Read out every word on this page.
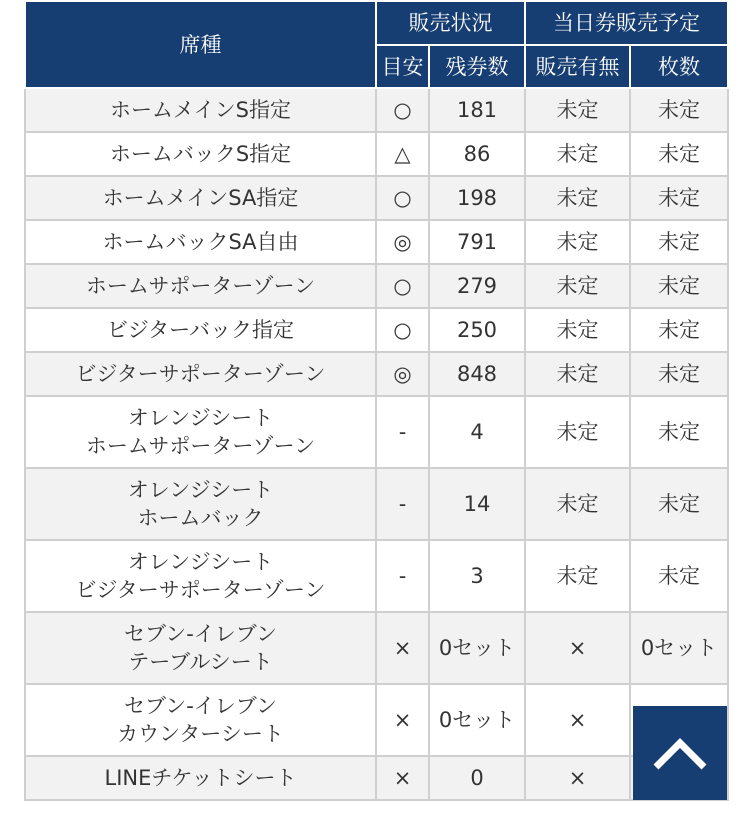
席種	販売状況		当日券販売予定	
	目安	残券数	販売有無	枚数
ホームメインS指定	○	181	未定	未定
ホームバックS指定	△	86	未定	未定
ホームメインSA指定	○	198	未定	未定
ホームバックSA自由	◎	791	未定	未定
ホームサポーターゾーン	○	279	未定	未定
ビジターバック指定	○	250	未定	未定
ビジターサポーターゾーン	◎	848	未定	未定
オレンジシート
ホームサポーターゾーン	-	4	未定	未定
オレンジシート
ホームバック	-	14	未定	未定
オレンジシート
ビジターサポーターゾーン	-	3	未定	未定
セブン-イレブン
テーブルシート	×	0セット	×	0セット
セブン-イレブン
カウンターシート	×	0セット	×	
LINEチケットシート	×	0	×	
